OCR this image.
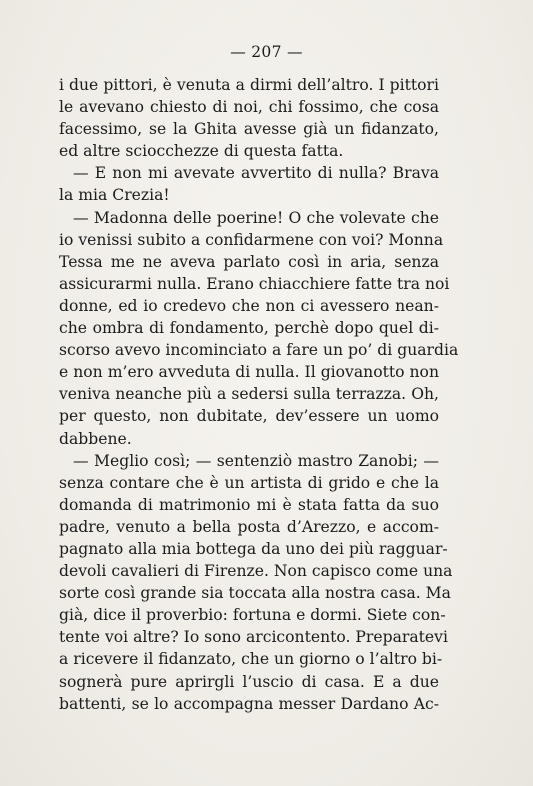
— 207 —
i due pittori, è venuta a dirmi dell’altro. I pittori
le avevano chiesto di noi, chi fossimo, che cosa
facessimo, se la Ghita avesse già un fidanzato,
ed altre sciocchezze di questa fatta.
— E non mi avevate avvertito di nulla? Brava
la mia Crezia!
— Madonna delle poerine! O che volevate che
io venissi subito a confidarmene con voi? Monna
Tessa me ne aveva parlato così in aria, senza
assicurarmi nulla. Erano chiacchiere fatte tra noi
donne, ed io credevo che non ci avessero nean-
che ombra di fondamento, perchè dopo quel di-
scorso avevo incominciato a fare un po’ di guardia
e non m’ero avveduta di nulla. Il giovanotto non
veniva neanche più a sedersi sulla terrazza. Oh,
per questo, non dubitate, dev’essere un uomo
dabbene.
— Meglio così; — sentenziò mastro Zanobi; —
senza contare che è un artista di grido e che la
domanda di matrimonio mi è stata fatta da suo
padre, venuto a bella posta d’Arezzo, e accom-
pagnato alla mia bottega da uno dei più ragguar-
devoli cavalieri di Firenze. Non capisco come una
sorte così grande sia toccata alla nostra casa. Ma
già, dice il proverbio: fortuna e dormi. Siete con-
tente voi altre? Io sono arcicontento. Preparatevi
a ricevere il fidanzato, che un giorno o l’altro bi-
sognerà pure aprirgli l’uscio di casa. E a due
battenti, se lo accompagna messer Dardano Ac-
